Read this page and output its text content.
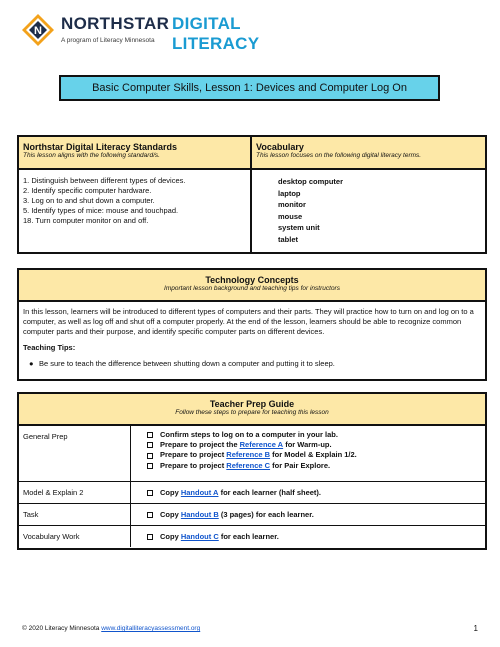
N NORTHSTAR DIGITAL LITERACY
A program of Literacy Minnesota
Basic Computer Skills, Lesson 1: Devices and Computer Log On
Northstar Digital Literacy Standards
This lesson aligns with the following standard/s.
1. Distinguish between different types of devices.
2. Identify specific computer hardware.
3. Log on to and shut down a computer.
5. Identify types of mice: mouse and touchpad.
18. Turn computer monitor on and off.
Vocabulary
This lesson focuses on the following digital literacy terms.
desktop computer
laptop
monitor
mouse
system unit
tablet
Technology Concepts
Important lesson background and teaching tips for instructors
In this lesson, learners will be introduced to different types of computers and their parts. They will practice how to turn on and log on to a computer, as well as log off and shut off a computer properly. At the end of the lesson, learners should be able to recognize common computer parts and their purpose, and identify specific computer parts on different devices.
Teaching Tips:
● Be sure to teach the difference between shutting down a computer and putting it to sleep.
Teacher Prep Guide
Follow these steps to prepare for teaching this lesson
General Prep	Confirm steps to log on to a computer in your lab.
Prepare to project the Reference A for Warm-up.
Prepare to project Reference B for Model & Explain 1/2.
Prepare to project Reference C for Pair Explore.
Model & Explain 2	Copy Handout A for each learner (half sheet).
Task	Copy Handout B (3 pages) for each learner.
Vocabulary Work	Copy Handout C for each learner.
© 2020 Literacy Minnesota www.digitalliteracyassessment.org	1
